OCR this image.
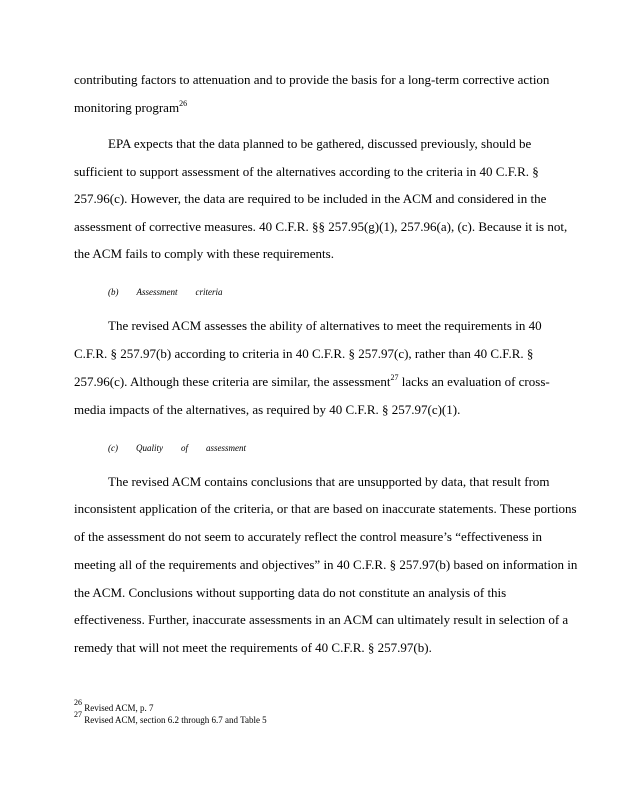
contributing factors to attenuation and to provide the basis for a long-term corrective action
monitoring program$^{26}$
EPA expects that the data planned to be gathered, discussed previously, should be
sufficient to support assessment of the alternatives according to the criteria in 40 C.F.R. §
257.96(c). However, the data are required to be included in the ACM and considered in the
assessment of corrective measures. 40 C.F.R. §§ 257.95(g)(1), 257.96(a), (c). Because it is not,
the ACM fails to comply with these requirements.
(b) Assessment criteria
The revised ACM assesses the ability of alternatives to meet the requirements in 40
C.F.R. § 257.97(b) according to criteria in 40 C.F.R. § 257.97(c), rather than 40 C.F.R. §
257.96(c). Although these criteria are similar, the assessment$^{27}$ lacks an evaluation of cross-
media impacts of the alternatives, as required by 40 C.F.R. § 257.97(c)(1).
(c) Quality of assessment
The revised ACM contains conclusions that are unsupported by data, that result from
inconsistent application of the criteria, or that are based on inaccurate statements. These portions
of the assessment do not seem to accurately reflect the control measure’s “effectiveness in
meeting all of the requirements and objectives” in 40 C.F.R. § 257.97(b) based on information in
the ACM. Conclusions without supporting data do not constitute an analysis of this
effectiveness. Further, inaccurate assessments in an ACM can ultimately result in selection of a
remedy that will not meet the requirements of 40 C.F.R. § 257.97(b).
$^{26}$ Revised ACM, p. 7
$^{27}$ Revised ACM, section 6.2 through 6.7 and Table 5
